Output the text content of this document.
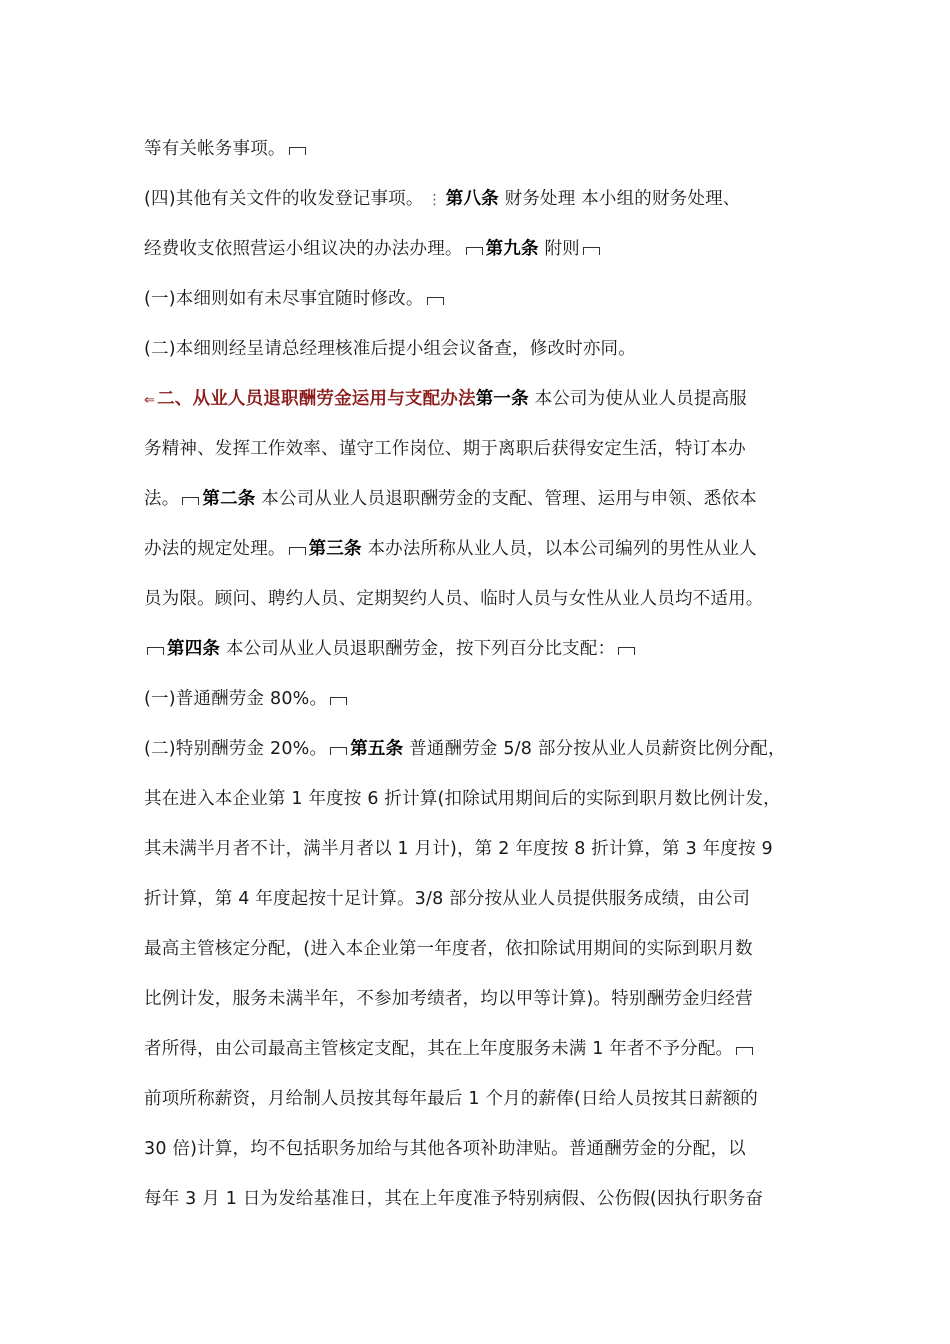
等有关帐务事项。
(四)其他有关文件的收发登记事项。 ⋮ 第八条 财务处理 本小组的财务处理、
经费收支依照营运小组议决的办法办理。 第九条 附则
(一)本细则如有未尽事宜随时修改。
(二)本细则经呈请总经理核准后提小组会议备查，修改时亦同。
⇐ 二、从业人员退职酬劳金运用与支配办法第一条 本公司为使从业人员提高服
务精神、发挥工作效率、谨守工作岗位、期于离职后获得安定生活，特订本办
法。 第二条 本公司从业人员退职酬劳金的支配、管理、运用与申领、悉依本
办法的规定处理。 第三条 本办法所称从业人员，以本公司编列的男性从业人
员为限。顾问、聘约人员、定期契约人员、临时人员与女性从业人员均不适用。
第四条 本公司从业人员退职酬劳金，按下列百分比支配：
(一)普通酬劳金 80%。
(二)特别酬劳金 20%。 第五条 普通酬劳金 5/8 部分按从业人员薪资比例分配，
其在进入本企业第 1 年度按 6 折计算(扣除试用期间后的实际到职月数比例计发，
其未满半月者不计，满半月者以 1 月计)，第 2 年度按 8 折计算，第 3 年度按 9
折计算，第 4 年度起按十足计算。3/8 部分按从业人员提供服务成绩，由公司
最高主管核定分配，(进入本企业第一年度者，依扣除试用期间的实际到职月数
比例计发，服务未满半年，不参加考绩者，均以甲等计算)。特别酬劳金归经营
者所得，由公司最高主管核定支配，其在上年度服务未满 1 年者不予分配。
前项所称薪资，月给制人员按其每年最后 1 个月的薪俸(日给人员按其日薪额的
30 倍)计算，均不包括职务加给与其他各项补助津贴。普通酬劳金的分配，以
每年 3 月 1 日为发给基准日，其在上年度准予特别病假、公伤假(因执行职务奋
